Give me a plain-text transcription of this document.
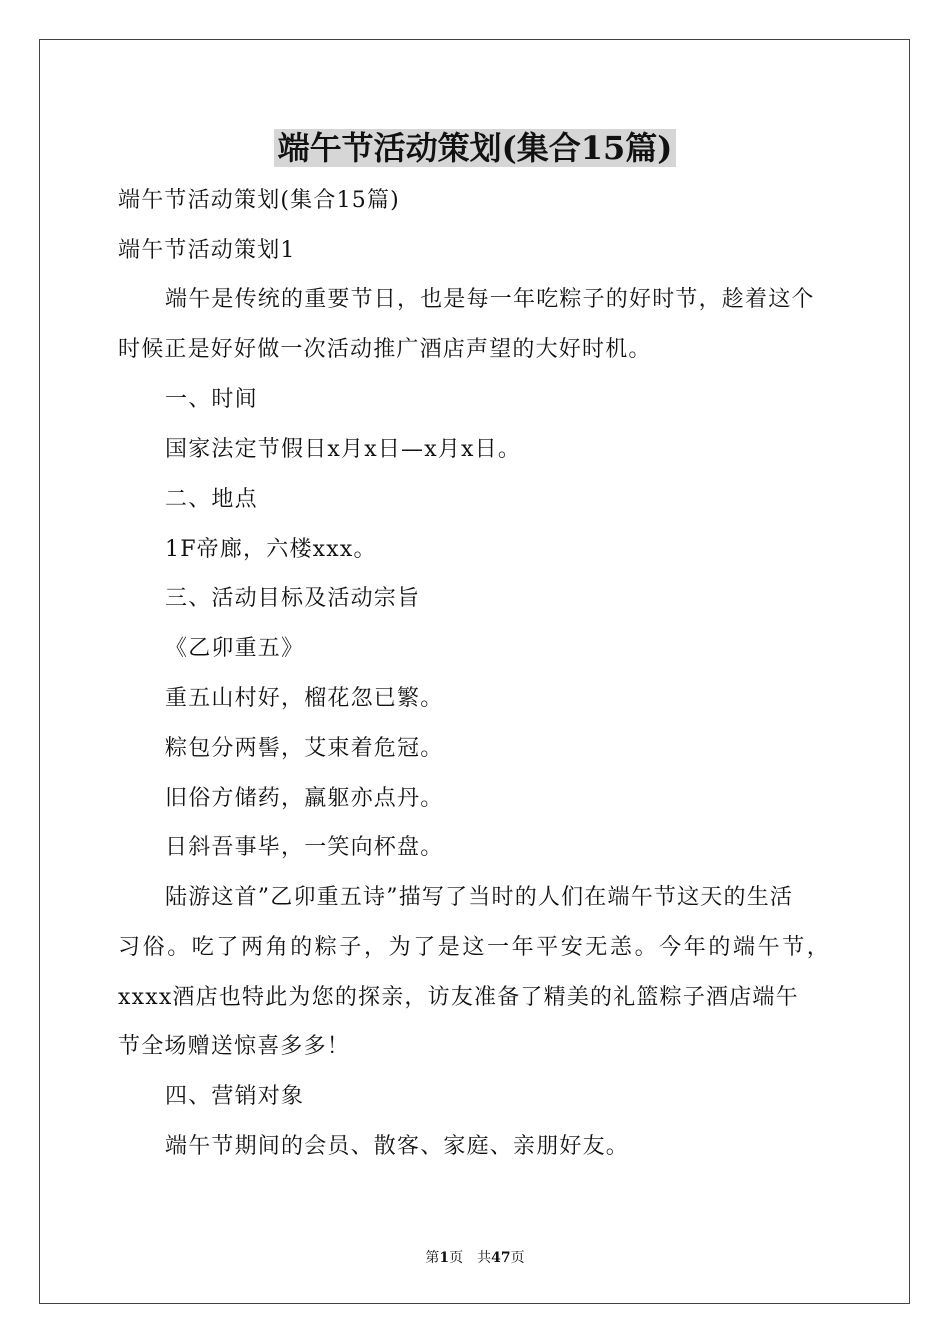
端午节活动策划(集合15篇)
端午节活动策划(集合15篇)
端午节活动策划1
端午是传统的重要节日，也是每一年吃粽子的好时节，趁着这个
时候正是好好做一次活动推广酒店声望的大好时机。
一、时间
国家法定节假日x月x日—x月x日。
二、地点
1F帝廊，六楼xxx。
三、活动目标及活动宗旨
《乙卯重五》
重五山村好，榴花忽已繁。
粽包分两髻，艾束着危冠。
旧俗方储药，羸躯亦点丹。
日斜吾事毕，一笑向杯盘。
陆游这首”乙卯重五诗”描写了当时的人们在端午节这天的生活
习俗。吃了两角的粽子，为了是这一年平安无恙。今年的端午节，
xxxx酒店也特此为您的探亲，访友准备了精美的礼篮粽子酒店端午
节全场赠送惊喜多多！
四、营销对象
端午节期间的会员、散客、家庭、亲朋好友。
第1页　共47页
